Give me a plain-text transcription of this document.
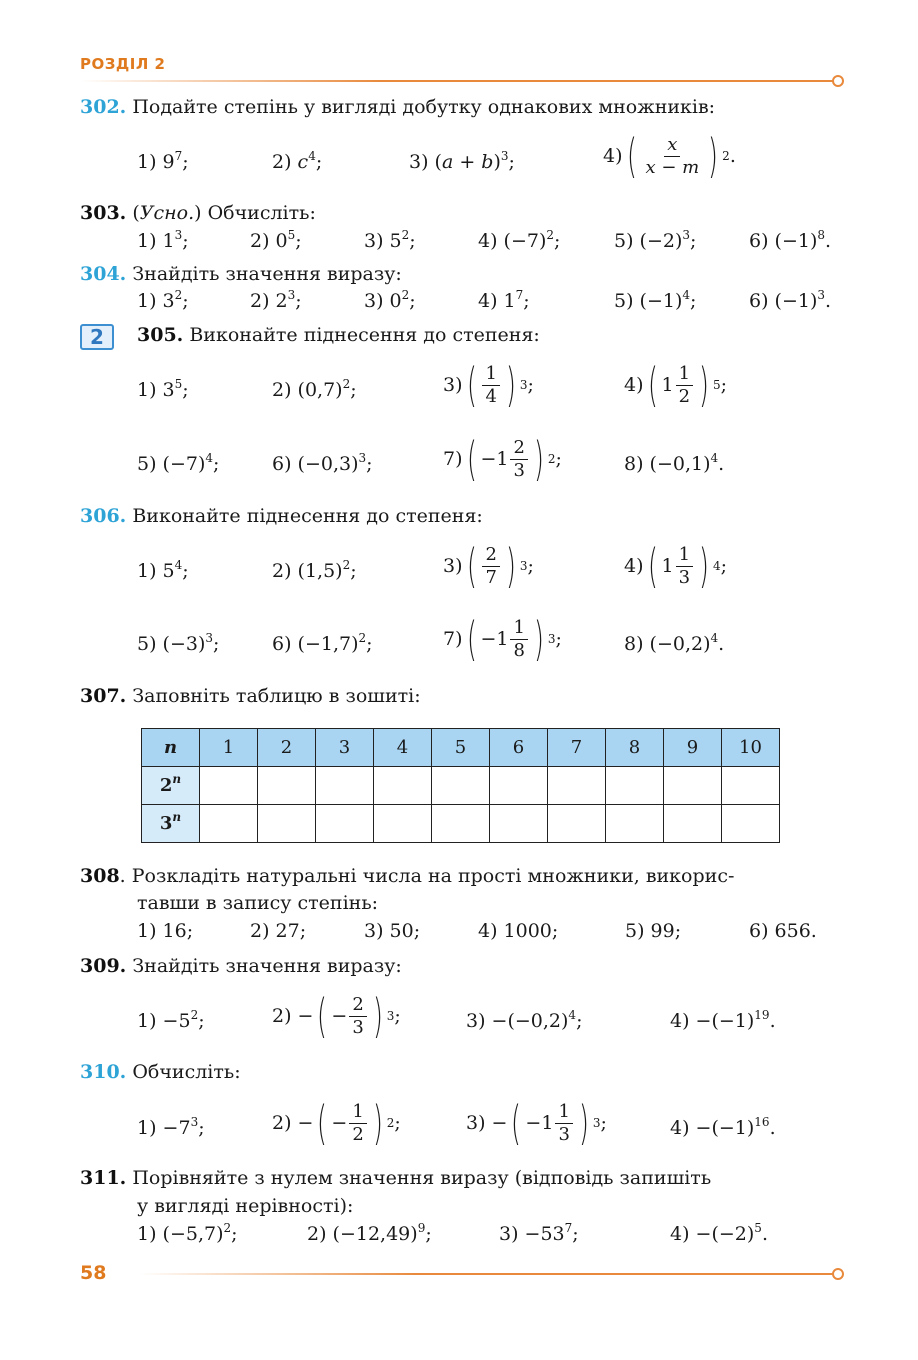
РОЗДІЛ 2
302. Подайте степінь у вигляді добутку однакових множників:
1) $9^7$;	2) $c^4$;	3) $(a + b)^3$;	4) ( $\frac{x}{x - m}$ ) 2 .
303. (Усно.) Обчисліть:
1) $1^3$;	2) $0^5$;	3) $5^2$;	4) $(-7)^2$;	5) $(-2)^3$;	6) $(-1)^8$.
304. Знайдіть значення виразу:
1) $3^2$;	2) $2^3$;	3) $0^2$;	4) $1^7$;	5) $(-1)^4$;	6) $(-1)^3$.
2	305. Виконайте піднесення до степеня:
1) $3^5$;	2) $(0,7)^2$;	3) ( $\frac{1}{4}$ ) 3 ;	4) ( $1 \frac{1}{2}$ ) 5 ;
5) $(-7)^4$;	6) $(-0,3)^3$;	7) ( $-1 \frac{2}{3}$ ) 2 ;	8) $(-0,1)^4$.
306. Виконайте піднесення до степеня:
1) $5^4$;	2) $(1,5)^2$;	3) ( $\frac{2}{7}$ ) 3 ;	4) ( $1 \frac{1}{3}$ ) 4 ;
5) $(-3)^3$;	6) $(-1,7)^2$;	7) ( $-1 \frac{1}{8}$ ) 3 ;	8) $(-0,2)^4$.
307. Заповніть таблицю в зошиті:
n	1	2	3	4	5	6	7	8	9	10
2$^n$										
3$^n$										
308. Розкладіть натуральні числа на прості множники, викорис-
тавши в запису степінь:
1) 16;	2) 27;	3) 50;	4) 1000;	5) 99;	6) 656.
309. Знайдіть значення виразу:
$1) -5^2$;	2) − ( − $\frac{2}{3}$ ) 3 ;	$3) -(-0,2)^4$;	$4) -(-1)^{19}$.
310. Обчисліть:
$1) -7^3$;	2) − ( − $\frac{1}{2}$ ) 2 ;	3) − ( $-1 \frac{1}{3}$ ) 3 ;	$4) -(-1)^{16}$.
311. Порівняйте з нулем значення виразу (відповідь запишіть
у вигляді нерівності):
1) $(-5,7)^2$;	2) $(-12,49)^9$;	$3) -53^7$;	$4) -(-2)^5$.
58
